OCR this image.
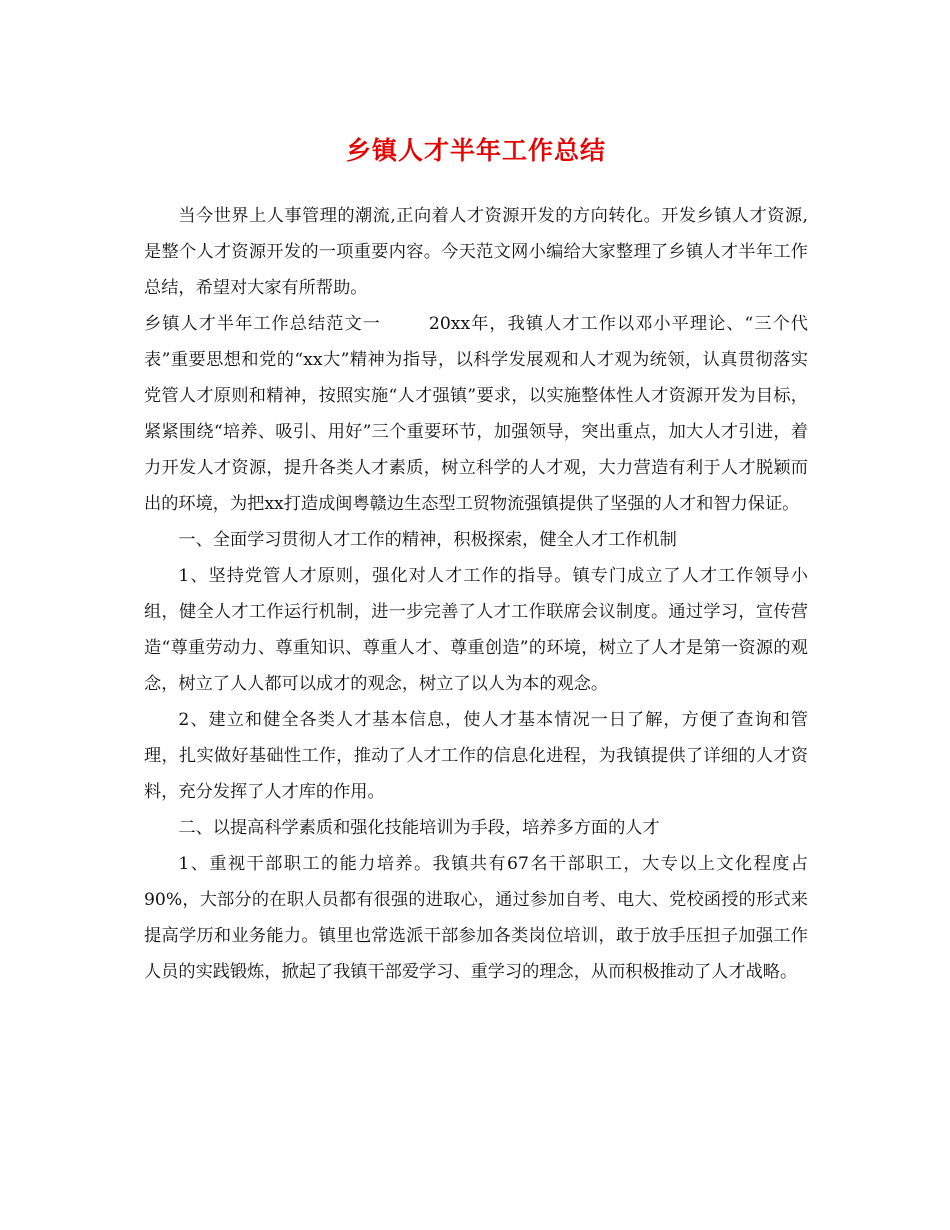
乡镇人才半年工作总结

当今世界上人事管理的潮流,正向着人才资源开发的方向转化。开发乡镇人才资源,是整个人才资源开发的一项重要内容。今天范文网小编给大家整理了乡镇人才半年工作总结，希望对大家有所帮助。

乡镇人才半年工作总结范文一	20xx年，我镇人才工作以邓小平理论、“三个代表”重要思想和党的“xx大”精神为指导，以科学发展观和人才观为统领，认真贯彻落实党管人才原则和精神，按照实施“人才强镇”要求，以实施整体性人才资源开发为目标，紧紧围绕“培养、吸引、用好”三个重要环节，加强领导，突出重点，加大人才引进，着力开发人才资源，提升各类人才素质，树立科学的人才观，大力营造有利于人才脱颖而出的环境，为把xx打造成闽粤赣边生态型工贸物流强镇提供了坚强的人才和智力保证。

一、全面学习贯彻人才工作的精神，积极探索，健全人才工作机制

1、坚持党管人才原则，强化对人才工作的指导。镇专门成立了人才工作领导小组，健全人才工作运行机制，进一步完善了人才工作联席会议制度。通过学习，宣传营造“尊重劳动力、尊重知识、尊重人才、尊重创造”的环境，树立了人才是第一资源的观念，树立了人人都可以成才的观念，树立了以人为本的观念。

2、建立和健全各类人才基本信息，使人才基本情况一日了解，方便了查询和管理，扎实做好基础性工作，推动了人才工作的信息化进程，为我镇提供了详细的人才资料，充分发挥了人才库的作用。

二、以提高科学素质和强化技能培训为手段，培养多方面的人才

1、重视干部职工的能力培养。我镇共有67名干部职工，大专以上文化程度占90%，大部分的在职人员都有很强的进取心，通过参加自考、电大、党校函授的形式来提高学历和业务能力。镇里也常选派干部参加各类岗位培训，敢于放手压担子加强工作人员的实践锻炼，掀起了我镇干部爱学习、重学习的理念，从而积极推动了人才战略。
